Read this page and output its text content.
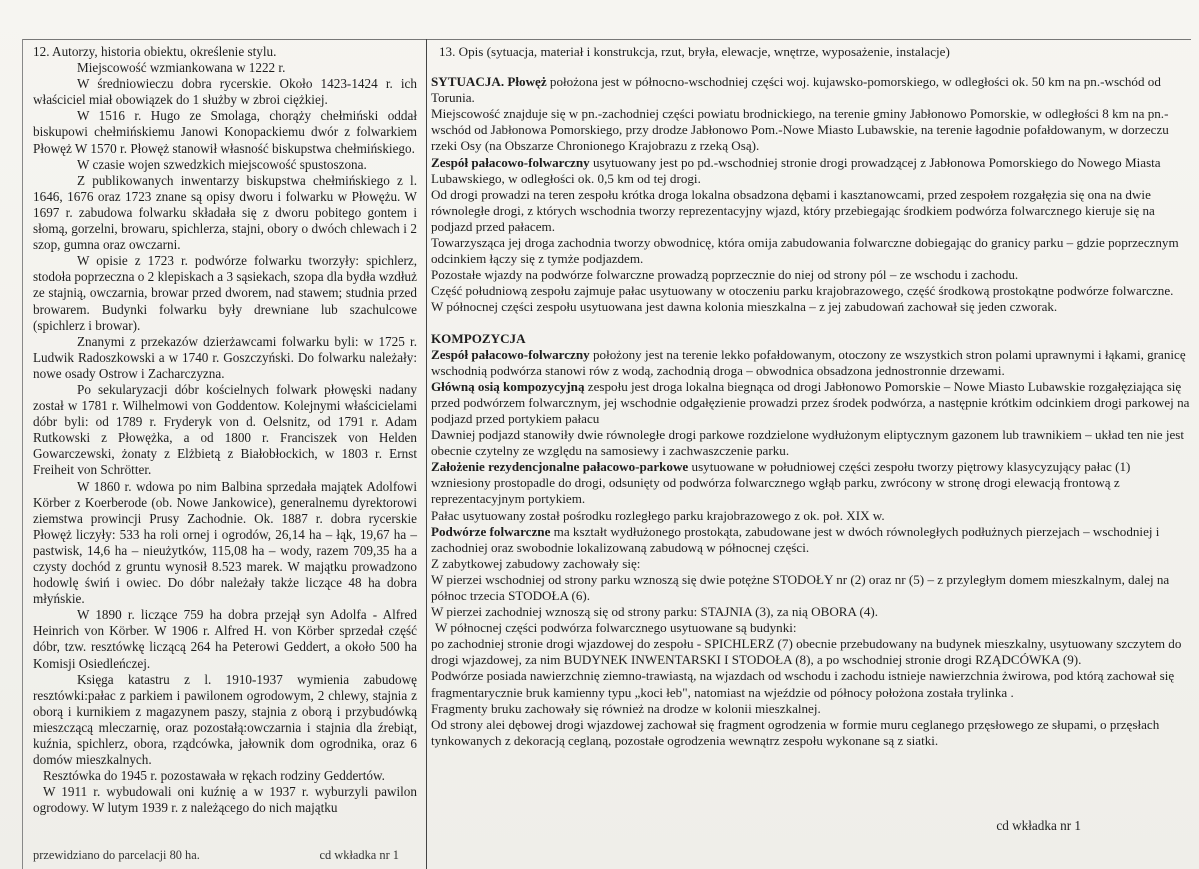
12. Autorzy, historia obiektu, określenie stylu.

Miejscowość wzmiankowana w 1222 r.

W średniowieczu dobra rycerskie. Około 1423-1424 r. ich właściciel miał obowiązek do 1 służby w zbroi ciężkiej.

W 1516 r. Hugo ze Smolaga, chorąży chełmiński oddał biskupowi chełmińskiemu Janowi Konopackiemu dwór z folwarkiem Płowęż W 1570 r. Płowęż stanowił własność biskupstwa chełmińskiego.

W czasie wojen szwedzkich miejscowość spustoszona.

Z publikowanych inwentarzy biskupstwa chełmińskiego z l. 1646, 1676 oraz 1723 znane są opisy dworu i folwarku w Płowężu. W 1697 r. zabudowa folwarku składała się z dworu pobitego gontem i słomą, gorzelni, browaru, spichlerza, stajni, obory o dwóch chlewach i 2 szop, gumna oraz owczarni.

W opisie z 1723 r. podwórze folwarku tworzyły: spichlerz, stodoła poprzeczna o 2 klepiskach a 3 sąsiekach, szopa dla bydła wzdłuż ze stajnią, owczarnia, browar przed dworem, nad stawem; studnia przed browarem. Budynki folwarku były drewniane lub szachulcowe (spichlerz i browar).

Znanymi z przekazów dzierżawcami folwarku byli: w 1725 r. Ludwik Radoszkowski a w 1740 r. Goszczyński. Do folwarku należały: nowe osady Ostrow i Zacharczyzna.

Po sekularyzacji dóbr kościelnych folwark płowęski nadany został w 1781 r. Wilhelmowi von Goddentow. Kolejnymi właścicielami dóbr byli: od 1789 r. Fryderyk von d. Oelsnitz, od 1791 r. Adam Rutkowski z Płowężka, a od 1800 r. Franciszek von Helden Gowarczewski, żonaty z Elżbietą z Białobłockich, w 1803 r. Ernst Freiheit von Schrötter.

W 1860 r. wdowa po nim Balbina sprzedała majątek Adolfowi Körber z Koerberode (ob. Nowe Jankowice), generalnemu dyrektorowi ziemstwa prowincji Prusy Zachodnie. Ok. 1887 r. dobra rycerskie Płowęż liczyły: 533 ha roli ornej i ogrodów, 26,14 ha – łąk, 19,67 ha – pastwisk, 14,6 ha – nieużytków, 115,08 ha – wody, razem 709,35 ha a czysty dochód z gruntu wynosił 8.523 marek. W majątku prowadzono hodowlę świń i owiec. Do dóbr należały także liczące 48 ha dobra młyńskie.

W 1890 r. liczące 759 ha dobra przejął syn Adolfa - Alfred Heinrich von Körber. W 1906 r. Alfred H. von Körber sprzedał część dóbr, tzw. resztówkę liczącą 264 ha Peterowi Geddert, a około 500 ha Komisji Osiedleńczej.

Księga katastru z l. 1910-1937 wymienia zabudowę resztówki:pałac z parkiem i pawilonem ogrodowym, 2 chlewy, stajnia z oborą i kurnikiem z magazynem paszy, stajnia z oborą i przybudówką mieszczącą mleczarnię, oraz pozostałą:owczarnia i stajnia dla źrebiąt, kuźnia, spichlerz, obora, rządcówka, jałownik dom ogrodnika, oraz 6 domów mieszkalnych.

Resztówka do 1945 r. pozostawała w rękach rodziny Geddertów.

W 1911 r. wybudowali oni kuźnię a w 1937 r. wyburzyli pawilon ogrodowy. W lutym 1939 r. z należącego do nich majątku

przewidziano do parcelacji 80 ha.	cd wkładka nr 1

13. Opis (sytuacja, materiał i konstrukcja, rzut, bryła, elewacje, wnętrze, wyposażenie, instalacje)

SYTUACJA. Płowęż położona jest w północno-wschodniej części woj. kujawsko-pomorskiego, w odległości ok. 50 km na pn.-wschód od Torunia.

Miejscowość znajduje się w pn.-zachodniej części powiatu brodnickiego, na terenie gminy Jabłonowo Pomorskie, w odległości 8 km na pn.-wschód od Jabłonowa Pomorskiego, przy drodze Jabłonowo Pom.-Nowe Miasto Lubawskie, na terenie łagodnie pofałdowanym, w dorzeczu rzeki Osy (na Obszarze Chronionego Krajobrazu z rzeką Osą).

Zespół pałacowo-folwarczny usytuowany jest po pd.-wschodniej stronie drogi prowadzącej z Jabłonowa Pomorskiego do Nowego Miasta Lubawskiego, w odległości ok. 0,5 km od tej drogi.

Od drogi prowadzi na teren zespołu krótka droga lokalna obsadzona dębami i kasztanowcami, przed zespołem rozgałęzia się ona na dwie równoległe drogi, z których wschodnia tworzy reprezentacyjny wjazd, który przebiegając środkiem podwórza folwarcznego kieruje się na podjazd przed pałacem.

Towarzysząca jej droga zachodnia tworzy obwodnicę, która omija zabudowania folwarczne dobiegając do granicy parku – gdzie poprzecznym odcinkiem łączy się z tymże podjazdem.

Pozostałe wjazdy na podwórze folwarczne prowadzą poprzecznie do niej od strony pól – ze wschodu i zachodu.

Część południową zespołu zajmuje pałac usytuowany w otoczeniu parku krajobrazowego, część środkową prostokątne podwórze folwarczne.

W północnej części zespołu usytuowana jest dawna kolonia mieszkalna – z jej zabudowań zachował się jeden czworak.

KOMPOZYCJA

Zespół pałacowo-folwarczny położony jest na terenie lekko pofałdowanym, otoczony ze wszystkich stron polami uprawnymi i łąkami, granicę wschodnią podwórza stanowi rów z wodą, zachodnią droga – obwodnica obsadzona jednostronnie drzewami.

Główną osią kompozycyjną zespołu jest droga lokalna biegnąca od drogi Jabłonowo Pomorskie – Nowe Miasto Lubawskie rozgałęziająca się przed podwórzem folwarcznym, jej wschodnie odgałęzienie prowadzi przez środek podwórza, a następnie krótkim odcinkiem drogi parkowej na podjazd przed portykiem pałacu

Dawniej podjazd stanowiły dwie równoległe drogi parkowe rozdzielone wydłużonym eliptycznym gazonem lub trawnikiem – układ ten nie jest obecnie czytelny ze względu na samosiewy i zachwaszczenie parku.

Założenie rezydencjonalne pałacowo-parkowe usytuowane w południowej części zespołu tworzy piętrowy klasycyzujący pałac (1) wzniesiony prostopadle do drogi, odsunięty od podwórza folwarcznego wgłąb parku, zwrócony w stronę drogi elewacją frontową z reprezentacyjnym portykiem.

Pałac usytuowany został pośrodku rozległego parku krajobrazowego z ok. poł. XIX w.

Podwórze folwarczne ma kształt wydłużonego prostokąta, zabudowane jest w dwóch równoległych podłużnych pierzejach – wschodniej i zachodniej oraz swobodnie lokalizowaną zabudową w północnej części.

Z zabytkowej zabudowy zachowały się:

W pierzei wschodniej od strony parku wznoszą się dwie potężne STODOŁY nr (2) oraz nr (5) – z przyległym domem mieszkalnym, dalej na północ trzecia STODOŁA (6).

W pierzei zachodniej wznoszą się od strony parku: STAJNIA (3), za nią OBORA (4).

W północnej części podwórza folwarcznego usytuowane są budynki:

po zachodniej stronie drogi wjazdowej do zespołu - SPICHLERZ (7) obecnie przebudowany na budynek mieszkalny, usytuowany szczytem do drogi wjazdowej, za nim BUDYNEK INWENTARSKI I STODOŁA (8), a po wschodniej stronie drogi RZĄDCÓWKA (9).

Podwórze posiada nawierzchnię ziemno-trawiastą, na wjazdach od wschodu i zachodu istnieje nawierzchnia żwirowa, pod którą zachował się fragmentarycznie bruk kamienny typu „koci łeb", natomiast na wjeździe od północy położona została trylinka .

Fragmenty bruku zachowały się również na drodze w kolonii mieszkalnej.

Od strony alei dębowej drogi wjazdowej zachował się fragment ogrodzenia w formie muru ceglanego przęsłowego ze słupami, o przęsłach tynkowanych z dekoracją ceglaną, pozostałe ogrodzenia wewnątrz zespołu wykonane są z siatki.

cd wkładka nr 1
